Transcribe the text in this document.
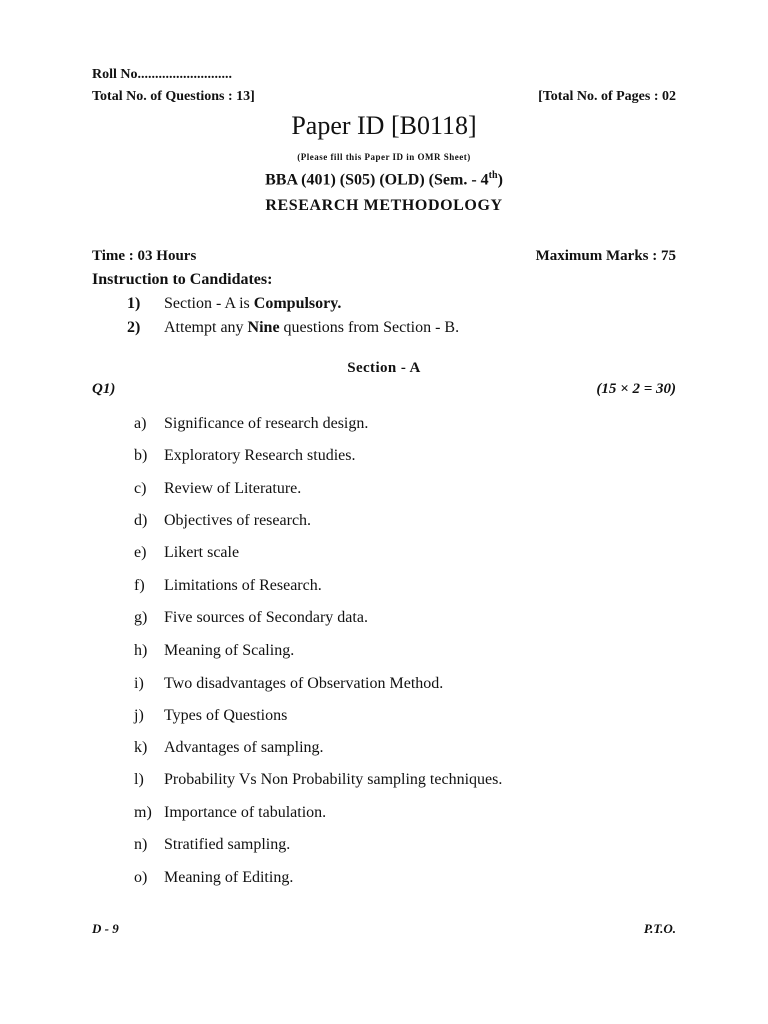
Roll No...........................
Total No. of Questions : 13]	[Total No. of Pages : 02
Paper ID [B0118]
(Please fill this Paper ID in OMR Sheet)
BBA (401) (S05) (OLD) (Sem. - 4th)
RESEARCH METHODOLOGY
Time : 03 Hours	Maximum Marks : 75
Instruction to Candidates:
1) Section - A is Compulsory.
2) Attempt any Nine questions from Section - B.
Section - A
Q1)	(15 × 2 = 30)
a) Significance of research design.
b) Exploratory Research studies.
c) Review of Literature.
d) Objectives of research.
e) Likert scale
f) Limitations of Research.
g) Five sources of Secondary data.
h) Meaning of Scaling.
i) Two disadvantages of Observation Method.
j) Types of Questions
k) Advantages of sampling.
l) Probability Vs Non Probability sampling techniques.
m) Importance of tabulation.
n) Stratified sampling.
o) Meaning of Editing.
D - 9	P.T.O.
